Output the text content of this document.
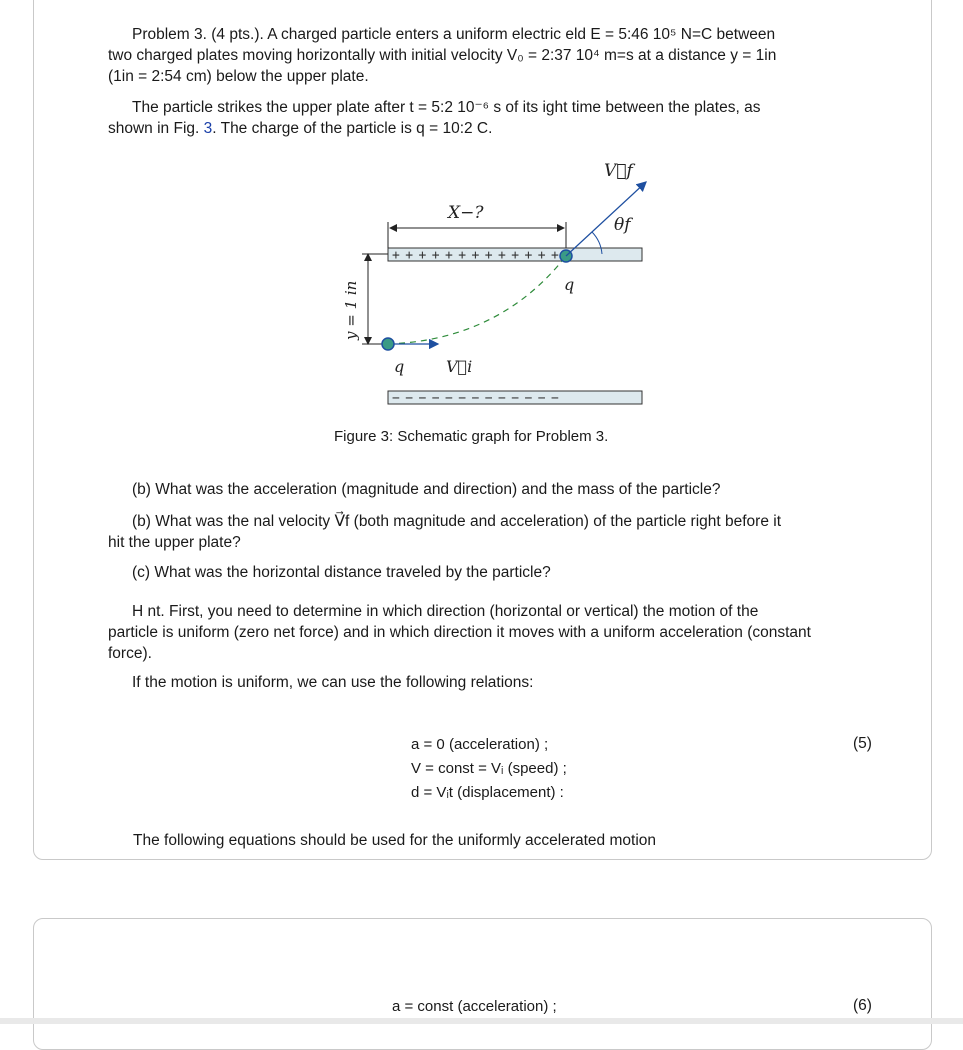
Problem 3. (4 pts.). A charged particle enters a uniform electric eld E = 5:46 10⁵ N=C between
two charged plates moving horizontally with initial velocity V₀ = 2:37 10⁴ m=s at a distance y = 1in
(1in = 2:54 cm) below the upper plate.
The particle strikes the upper plate after t = 5:2 10⁻⁶ s of its ight time between the plates, as
shown in Fig. 3. The charge of the particle is q = 10:2 C.
+ + + + + + + + + + + + +
− − − − − − − − − − − − −
X−?
y = 1 in
q	V⃗i
q
V⃗f
θf
Figure 3: Schematic graph for Problem 3.
(b) What was the acceleration (magnitude and direction) and the mass of the particle?
(b) What was the nal velocity V⃗f (both magnitude and acceleration) of the particle right before it
hit the upper plate?
(c) What was the horizontal distance traveled by the particle?
H nt. First, you need to determine in which direction (horizontal or vertical) the motion of the
particle is uniform (zero net force) and in which direction it moves with a uniform acceleration (constant
force).
If the motion is uniform, we can use the following relations:
a = 0 (acceleration) ;
V = const = Vᵢ (speed) ;
d = Vᵢt (displacement) :
(5)
The following equations should be used for the uniformly accelerated motion
a = const (acceleration) ;	(6)
